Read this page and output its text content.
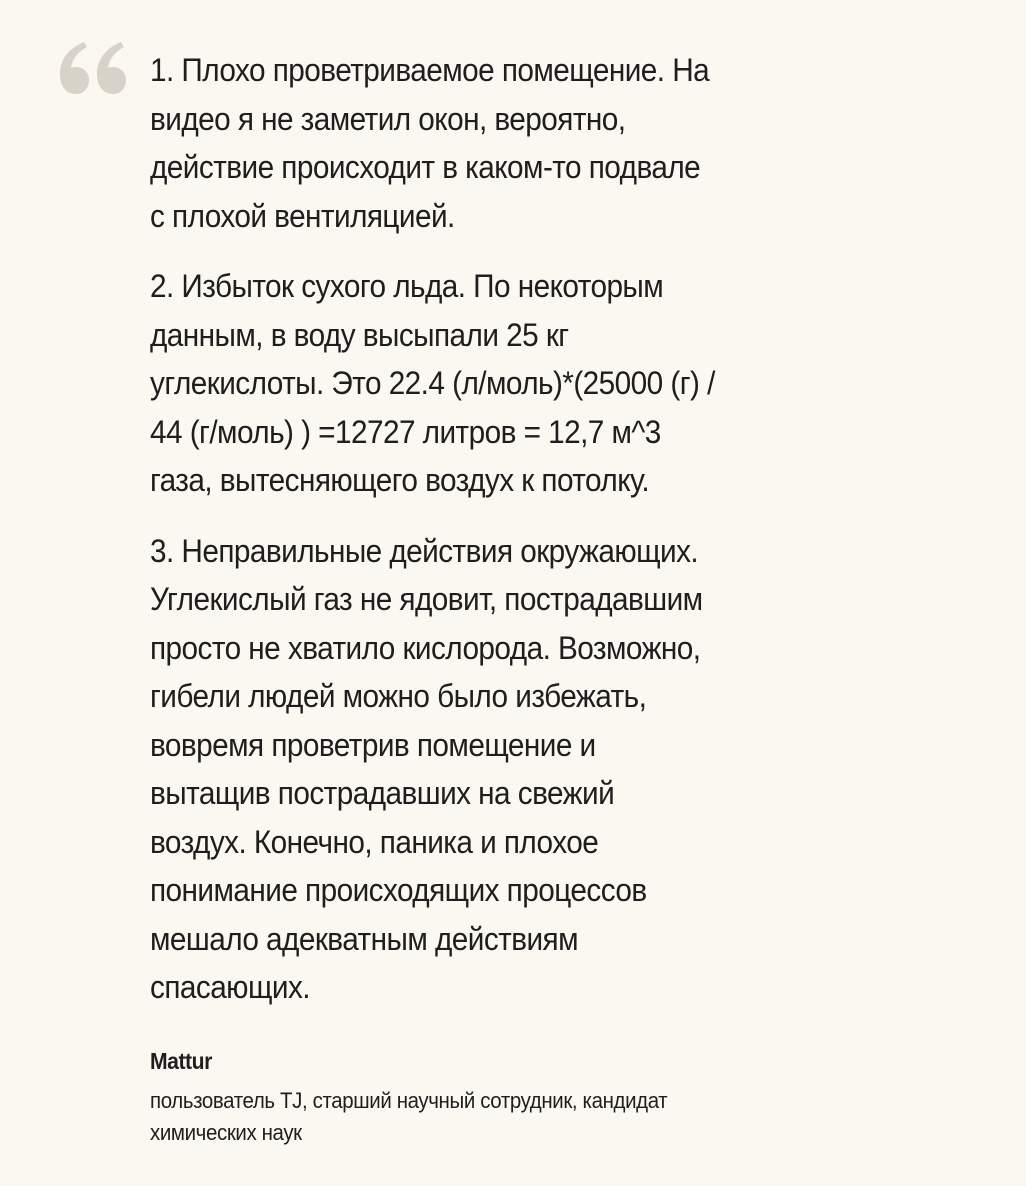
1. Плохо проветриваемое помещение. На
видео я не заметил окон, вероятно,
действие происходит в каком-то подвале
с плохой вентиляцией.

2. Избыток сухого льда. По некоторым
данным, в воду высыпали 25 кг
углекислоты. Это 22.4 (л/моль)*(25000 (г) /
44 (г/моль) ) =12727 литров = 12,7 м^3
газа, вытесняющего воздух к потолку.

3. Неправильные действия окружающих.
Углекислый газ не ядовит, пострадавшим
просто не хватило кислорода. Возможно,
гибели людей можно было избежать,
вовремя проветрив помещение и
вытащив пострадавших на свежий
воздух. Конечно, паника и плохое
понимание происходящих процессов
мешало адекватным действиям
спасающих.

Mattur
пользователь TJ, старший научный сотрудник, кандидат
химических наук
